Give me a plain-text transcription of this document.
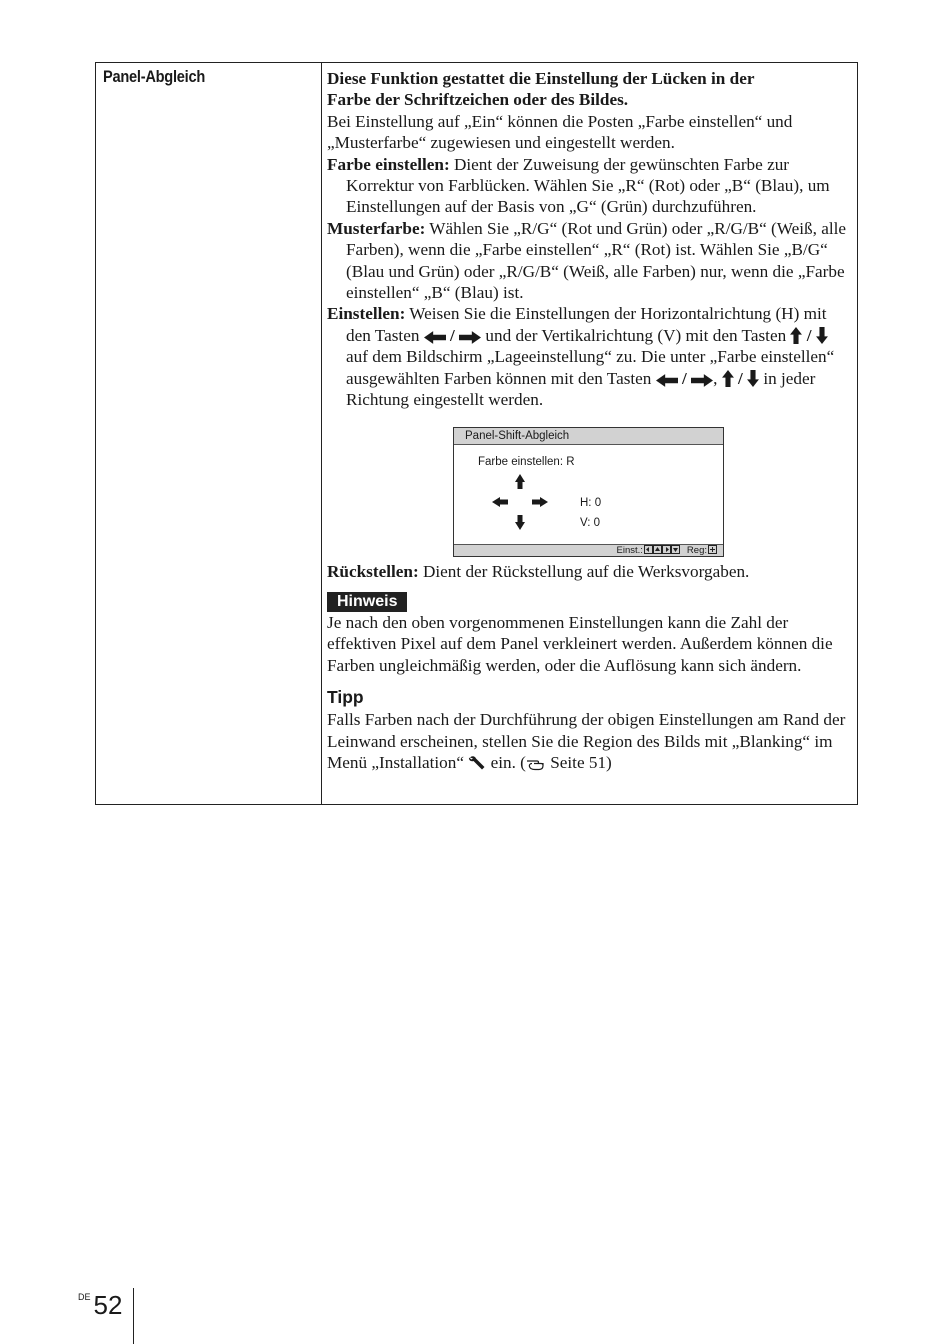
Panel-Abgleich	Diese Funktion gestattet die Einstellung der Lücken in der
Farbe der Schriftzeichen oder des Bildes.

Bei Einstellung auf „Ein“ können die Posten „Farbe einstellen“ und „Musterfarbe“ zugewiesen und eingestellt werden.

Farbe einstellen: Dient der Zuweisung der gewünschten Farbe zur Korrektur von Farblücken. Wählen Sie „R“ (Rot) oder „B“ (Blau), um Einstellungen auf der Basis von „G“ (Grün) durchzuführen.

Musterfarbe: Wählen Sie „R/G“ (Rot und Grün) oder „R/G/B“ (Weiß, alle Farben), wenn die „Farbe einstellen“ „R“ (Rot) ist. Wählen Sie „B/G“ (Blau und Grün) oder „R/G/B“ (Weiß, alle Farben) nur, wenn die „Farbe einstellen“ „B“ (Blau) ist.

Einstellen: Weisen Sie die Einstellungen der Horizontalrichtung (H) mit den Tasten  /  und der Vertikalrichtung (V) mit den Tasten  /  auf dem Bildschirm „Lageeinstellung“ zu. Die unter „Farbe einstellen“ ausgewählten Farben können mit den Tasten  / ,  /  in jeder Richtung eingestellt werden.

Panel-Shift-Abgleich
Farbe einstellen: R
H: 0
V: 0
Einst.:	Reg:

Rückstellen: Dient der Rückstellung auf die Werksvorgaben.

Hinweis

Je nach den oben vorgenommenen Einstellungen kann die Zahl der effektiven Pixel auf dem Panel verkleinert werden. Außerdem können die Farben ungleichmäßig werden, oder die Auflösung kann sich ändern.

Tipp

Falls Farben nach der Durchführung der obigen Einstellungen am Rand der Leinwand erscheinen, stellen Sie die Region des Bilds mit „Blanking“ im Menü „Installation“  ein. ( Seite 51)

$^{DE}$ 52
